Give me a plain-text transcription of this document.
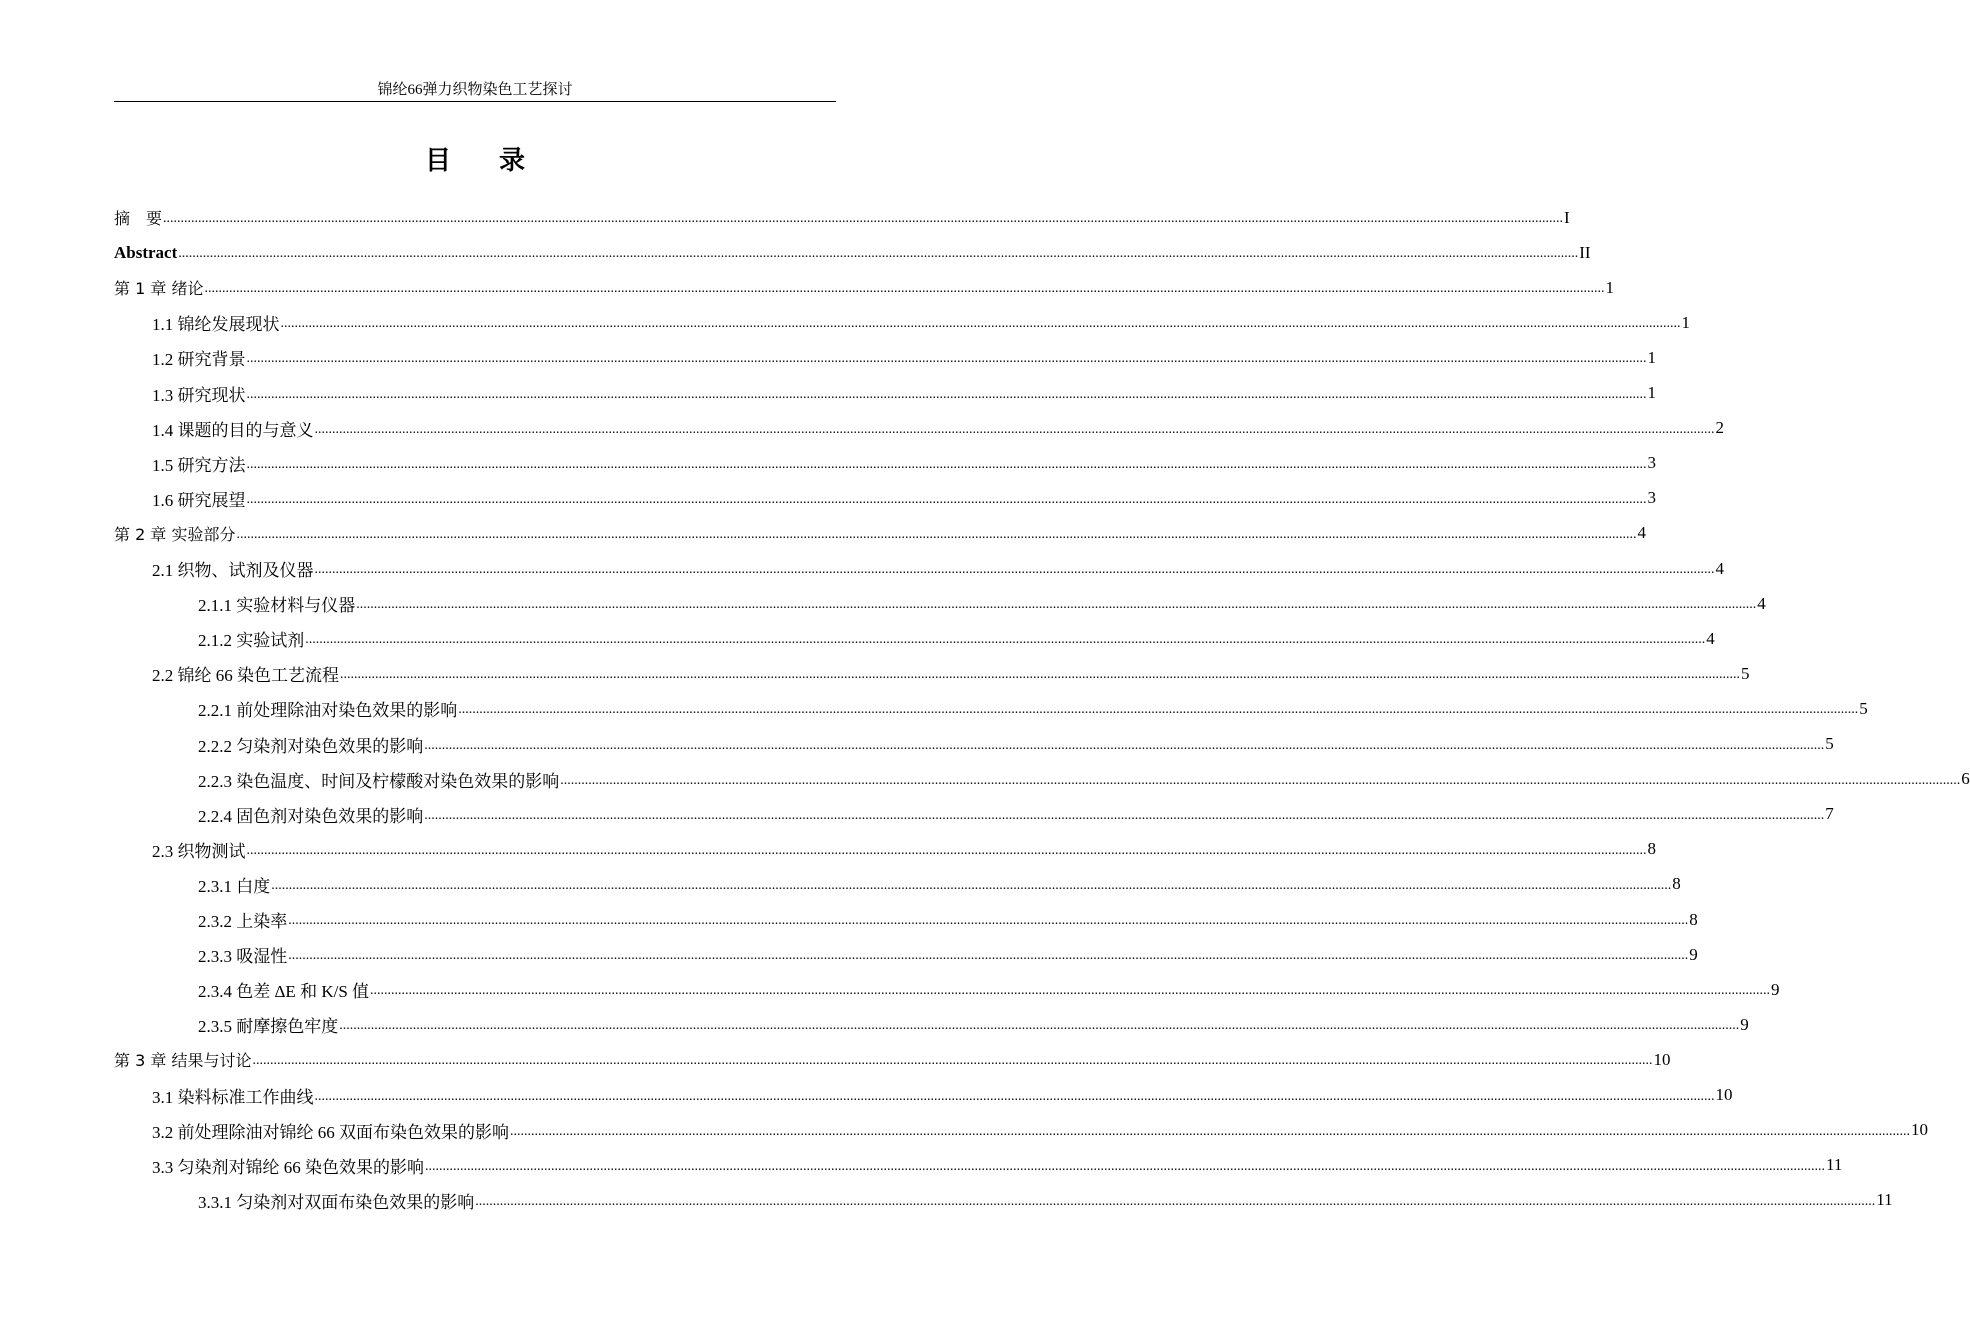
锦纶66弹力织物染色工艺探讨
目 录
摘　要 ................................................................................................................................................................................................................................................................................................................................................................................................................ I
Abstract ................................................................................................................................................................................................................................................................................................................................................................................................................ II
第 1 章 绪论 ................................................................................................................................................................................................................................................................................................................................................................................................................ 1
1.1 锦纶发展现状 ................................................................................................................................................................................................................................................................................................................................................................................................................ 1
1.2 研究背景 ................................................................................................................................................................................................................................................................................................................................................................................................................ 1
1.3 研究现状 ................................................................................................................................................................................................................................................................................................................................................................................................................ 1
1.4 课题的目的与意义 ................................................................................................................................................................................................................................................................................................................................................................................................................ 2
1.5 研究方法 ................................................................................................................................................................................................................................................................................................................................................................................................................ 3
1.6 研究展望 ................................................................................................................................................................................................................................................................................................................................................................................................................ 3
第 2 章 实验部分 ................................................................................................................................................................................................................................................................................................................................................................................................................ 4
2.1 织物、试剂及仪器 ................................................................................................................................................................................................................................................................................................................................................................................................................ 4
2.1.1 实验材料与仪器 ................................................................................................................................................................................................................................................................................................................................................................................................................ 4
2.1.2 实验试剂 ................................................................................................................................................................................................................................................................................................................................................................................................................ 4
2.2 锦纶 66 染色工艺流程 ................................................................................................................................................................................................................................................................................................................................................................................................................ 5
2.2.1 前处理除油对染色效果的影响 ................................................................................................................................................................................................................................................................................................................................................................................................................ 5
2.2.2 匀染剂对染色效果的影响 ................................................................................................................................................................................................................................................................................................................................................................................................................ 5
2.2.3 染色温度、时间及柠檬酸对染色效果的影响 ................................................................................................................................................................................................................................................................................................................................................................................................................ 6
2.2.4 固色剂对染色效果的影响 ................................................................................................................................................................................................................................................................................................................................................................................................................ 7
2.3 织物测试 ................................................................................................................................................................................................................................................................................................................................................................................................................ 8
2.3.1 白度 ................................................................................................................................................................................................................................................................................................................................................................................................................ 8
2.3.2 上染率 ................................................................................................................................................................................................................................................................................................................................................................................................................ 8
2.3.3 吸湿性 ................................................................................................................................................................................................................................................................................................................................................................................................................ 9
2.3.4 色差 ΔE 和 K/S 值 ................................................................................................................................................................................................................................................................................................................................................................................................................ 9
2.3.5 耐摩擦色牢度 ................................................................................................................................................................................................................................................................................................................................................................................................................ 9
第 3 章 结果与讨论 ................................................................................................................................................................................................................................................................................................................................................................................................................ 10
3.1 染料标准工作曲线 ................................................................................................................................................................................................................................................................................................................................................................................................................ 10
3.2 前处理除油对锦纶 66 双面布染色效果的影响 ................................................................................................................................................................................................................................................................................................................................................................................................................ 10
3.3 匀染剂对锦纶 66 染色效果的影响 ................................................................................................................................................................................................................................................................................................................................................................................................................ 11
3.3.1 匀染剂对双面布染色效果的影响 ................................................................................................................................................................................................................................................................................................................................................................................................................ 11
